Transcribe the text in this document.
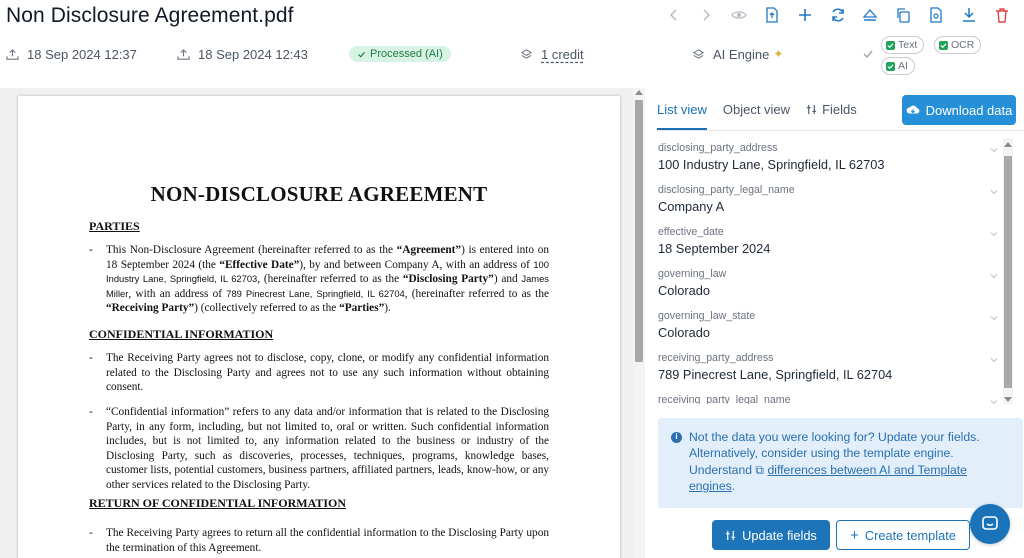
Non Disclosure Agreement.pdf
18 Sep 2024 12:37	18 Sep 2024 12:43	Processed (AI)	1 credit	AI Engine ✦
Text	OCR
AI
NON-DISCLOSURE AGREEMENT
PARTIES
- This Non-Disclosure Agreement (hereinafter referred to as the “Agreement”) is entered into on 18 September 2024 (the “Effective Date”), by and between Company A, with an address of 100 Industry Lane, Springfield, IL 62703, (hereinafter referred to as the “Disclosing Party”) and James Miller, with an address of 789 Pinecrest Lane, Springfield, IL 62704, (hereinafter referred to as the “Receiving Party”) (collectively referred to as the “Parties”).
CONFIDENTIAL INFORMATION
- The Receiving Party agrees not to disclose, copy, clone, or modify any confidential information related to the Disclosing Party and agrees not to use any such information without obtaining consent.
- “Confidential information” refers to any data and/or information that is related to the Disclosing Party, in any form, including, but not limited to, oral or written. Such confidential information includes, but is not limited to, any information related to the business or industry of the Disclosing Party, such as discoveries, processes, techniques, programs, knowledge bases, customer lists, potential customers, business partners, affiliated partners, leads, know-how, or any other services related to the Disclosing Party.
RETURN OF CONFIDENTIAL INFORMATION
- The Receiving Party agrees to return all the confidential information to the Disclosing Party upon the termination of this Agreement.
List view Object view Fields	Download data
disclosing_party_address
100 Industry Lane, Springfield, IL 62703
disclosing_party_legal_name
Company A
effective_date
18 September 2024
governing_law
Colorado
governing_law_state
Colorado
receiving_party_address
789 Pinecrest Lane, Springfield, IL 62704
receiving_party_legal_name
i Not the data you were looking for? Update your fields. Alternatively, consider using the template engine. Understand ⧉ differences between AI and Template engines.
Update fields + Create template
